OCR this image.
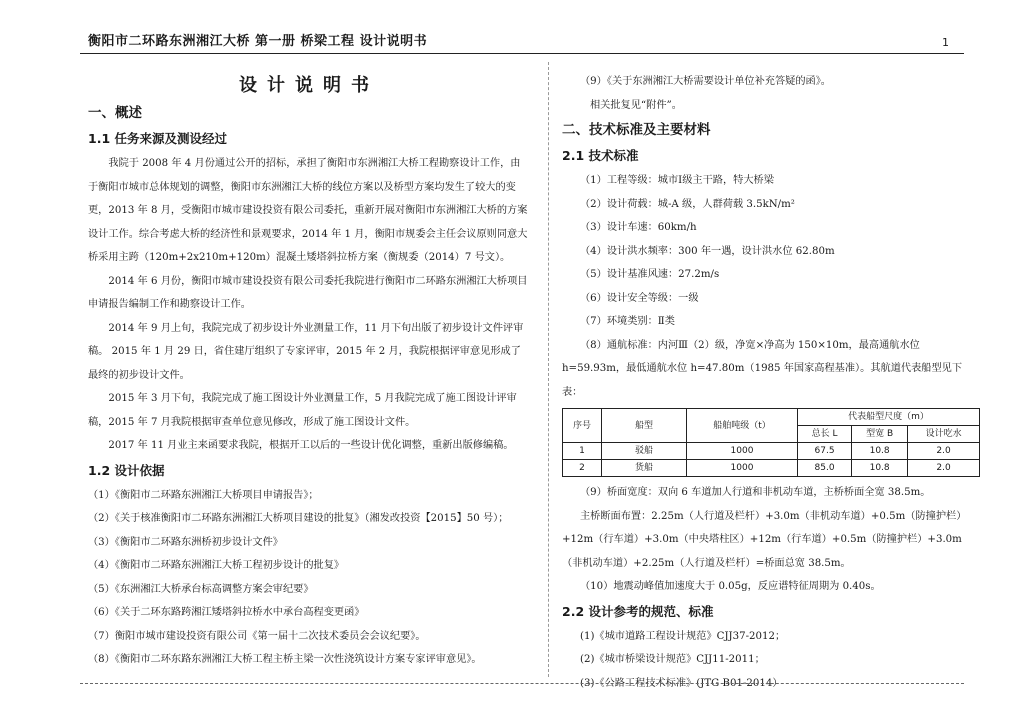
衡阳市二环路东洲湘江大桥 第一册 桥梁工程 设计说明书	1

设计说明书

一、概述

1.1 任务来源及测设经过

我院于 2008 年 4 月份通过公开的招标，承担了衡阳市东洲湘江大桥工程勘察设计工作，由于衡阳市城市总体规划的调整，衡阳市东洲湘江大桥的线位方案以及桥型方案均发生了较大的变更，2013 年 8 月，受衡阳市城市建设投资有限公司委托，重新开展对衡阳市东洲湘江大桥的方案设计工作。综合考虑大桥的经济性和景观要求，2014 年 1 月，衡阳市规委会主任会议原则同意大桥采用主跨（120m+2x210m+120m）混凝土矮塔斜拉桥方案（衡规委（2014）7 号文）。

2014 年 6 月份，衡阳市城市建设投资有限公司委托我院进行衡阳市二环路东洲湘江大桥项目申请报告编制工作和勘察设计工作。

2014 年 9 月上旬，我院完成了初步设计外业测量工作，11 月下旬出版了初步设计文件评审稿。 2015 年 1 月 29 日，省住建厅组织了专家评审，2015 年 2 月，我院根据评审意见形成了最终的初步设计文件。

2015 年 3 月下旬，我院完成了施工图设计外业测量工作，5 月我院完成了施工图设计评审稿，2015 年 7 月我院根据审查单位意见修改，形成了施工图设计文件。

2017 年 11 月业主来函要求我院，根据开工以后的一些设计优化调整，重新出版修编稿。

1.2 设计依据

（1）《衡阳市二环路东洲湘江大桥项目申请报告》；

（2）《关于核准衡阳市二环路东洲湘江大桥项目建设的批复》（湘发改投资【2015】50 号）；

（3）《衡阳市二环路东洲桥初步设计文件》

（4）《衡阳市二环路东洲湘江大桥工程初步设计的批复》

（5）《东洲湘江大桥承台标高调整方案会审纪要》

（6）《关于二环东路跨湘江矮塔斜拉桥水中承台高程变更函》

（7）衡阳市城市建设投资有限公司《第一届十二次技术委员会会议纪要》。

（8）《衡阳市二环东路东洲湘江大桥工程主桥主梁一次性浇筑设计方案专家评审意见》。

（9）《关于东洲湘江大桥需要设计单位补充答疑的函》。

相关批复见“附件”。

二、技术标准及主要材料

2.1 技术标准

（1）工程等级：城市Ⅰ级主干路，特大桥梁

（2）设计荷载：城-A 级，人群荷载 3.5kN/m²

（3）设计车速：60km/h

（4）设计洪水频率：300 年一遇，设计洪水位 62.80m

（5）设计基准风速：27.2m/s

（6）设计安全等级：一级

（7）环境类别：Ⅱ类

（8）通航标准：内河Ⅲ（2）级，净宽×净高为 150×10m，最高通航水位 h=59.93m，最低通航水位 h=47.80m（1985 年国家高程基准）。其航道代表船型见下表：

序号	船型	船舶吨级（t）	代表船型尺度（m）		
			总长 L	型宽 B	设计吃水
1	驳船	1000	67.5	10.8	2.0
2	货船	1000	85.0	10.8	2.0

（9）桥面宽度：双向 6 车道加人行道和非机动车道，主桥桥面全宽 38.5m。

主桥断面布置：2.25m（人行道及栏杆）+3.0m（非机动车道）+0.5m（防撞护栏）+12m（行车道）+3.0m（中央塔柱区）+12m（行车道）+0.5m（防撞护栏）+3.0m（非机动车道）+2.25m（人行道及栏杆）=桥面总宽 38.5m。

（10）地震动峰值加速度大于 0.05g，反应谱特征周期为 0.40s。

2.2 设计参考的规范、标准

(1)《城市道路工程设计规范》CJJ37-2012；

(2)《城市桥梁设计规范》CJJ11-2011；

(3)《公路工程技术标准》(JTG B01-2014）
